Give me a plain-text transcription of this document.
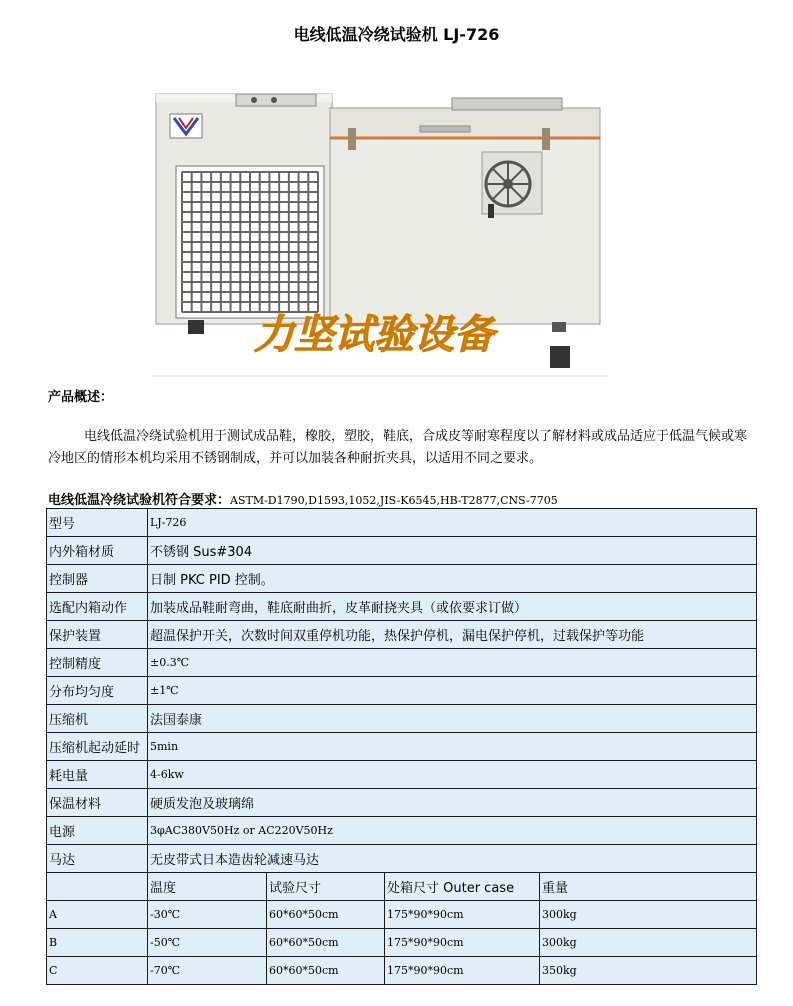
电线低温冷绕试验机 LJ-726
力坚试验设备
产品概述：
电线低温冷绕试验机用于测试成品鞋，橡胶，塑胶，鞋底，合成皮等耐寒程度以了解材料或成品适应于低温气候或寒冷地区的情形本机均采用不锈钢制成，并可以加装各种耐折夹具，以适用不同之要求。
电线低温冷绕试验机符合要求：ASTM-D1790,D1593,1052,JIS-K6545,HB-T2877,CNS-7705
型号	LJ-726			
内外箱材质	不锈钢 Sus#304			
控制器	日制 PKC PID 控制。			
选配内箱动作	加装成品鞋耐弯曲，鞋底耐曲折，皮革耐挠夹具（或依要求订做）			
保护装置	超温保护开关，次数时间双重停机功能，热保护停机，漏电保护停机，过载保护等功能			
控制精度	±0.3℃			
分布均匀度	±1℃			
压缩机	法国泰康			
压缩机起动延时	5min			
耗电量	4-6kw			
保温材料	硬质发泡及玻璃绵			
电源	3φAC380V50Hz or AC220V50Hz			
马达	无皮带式日本造齿轮减速马达			
	温度	试验尺寸	处箱尺寸 Outer case	重量
A	-30℃	60*60*50cm	175*90*90cm	300kg
B	-50℃	60*60*50cm	175*90*90cm	300kg
C	-70℃	60*60*50cm	175*90*90cm	350kg
